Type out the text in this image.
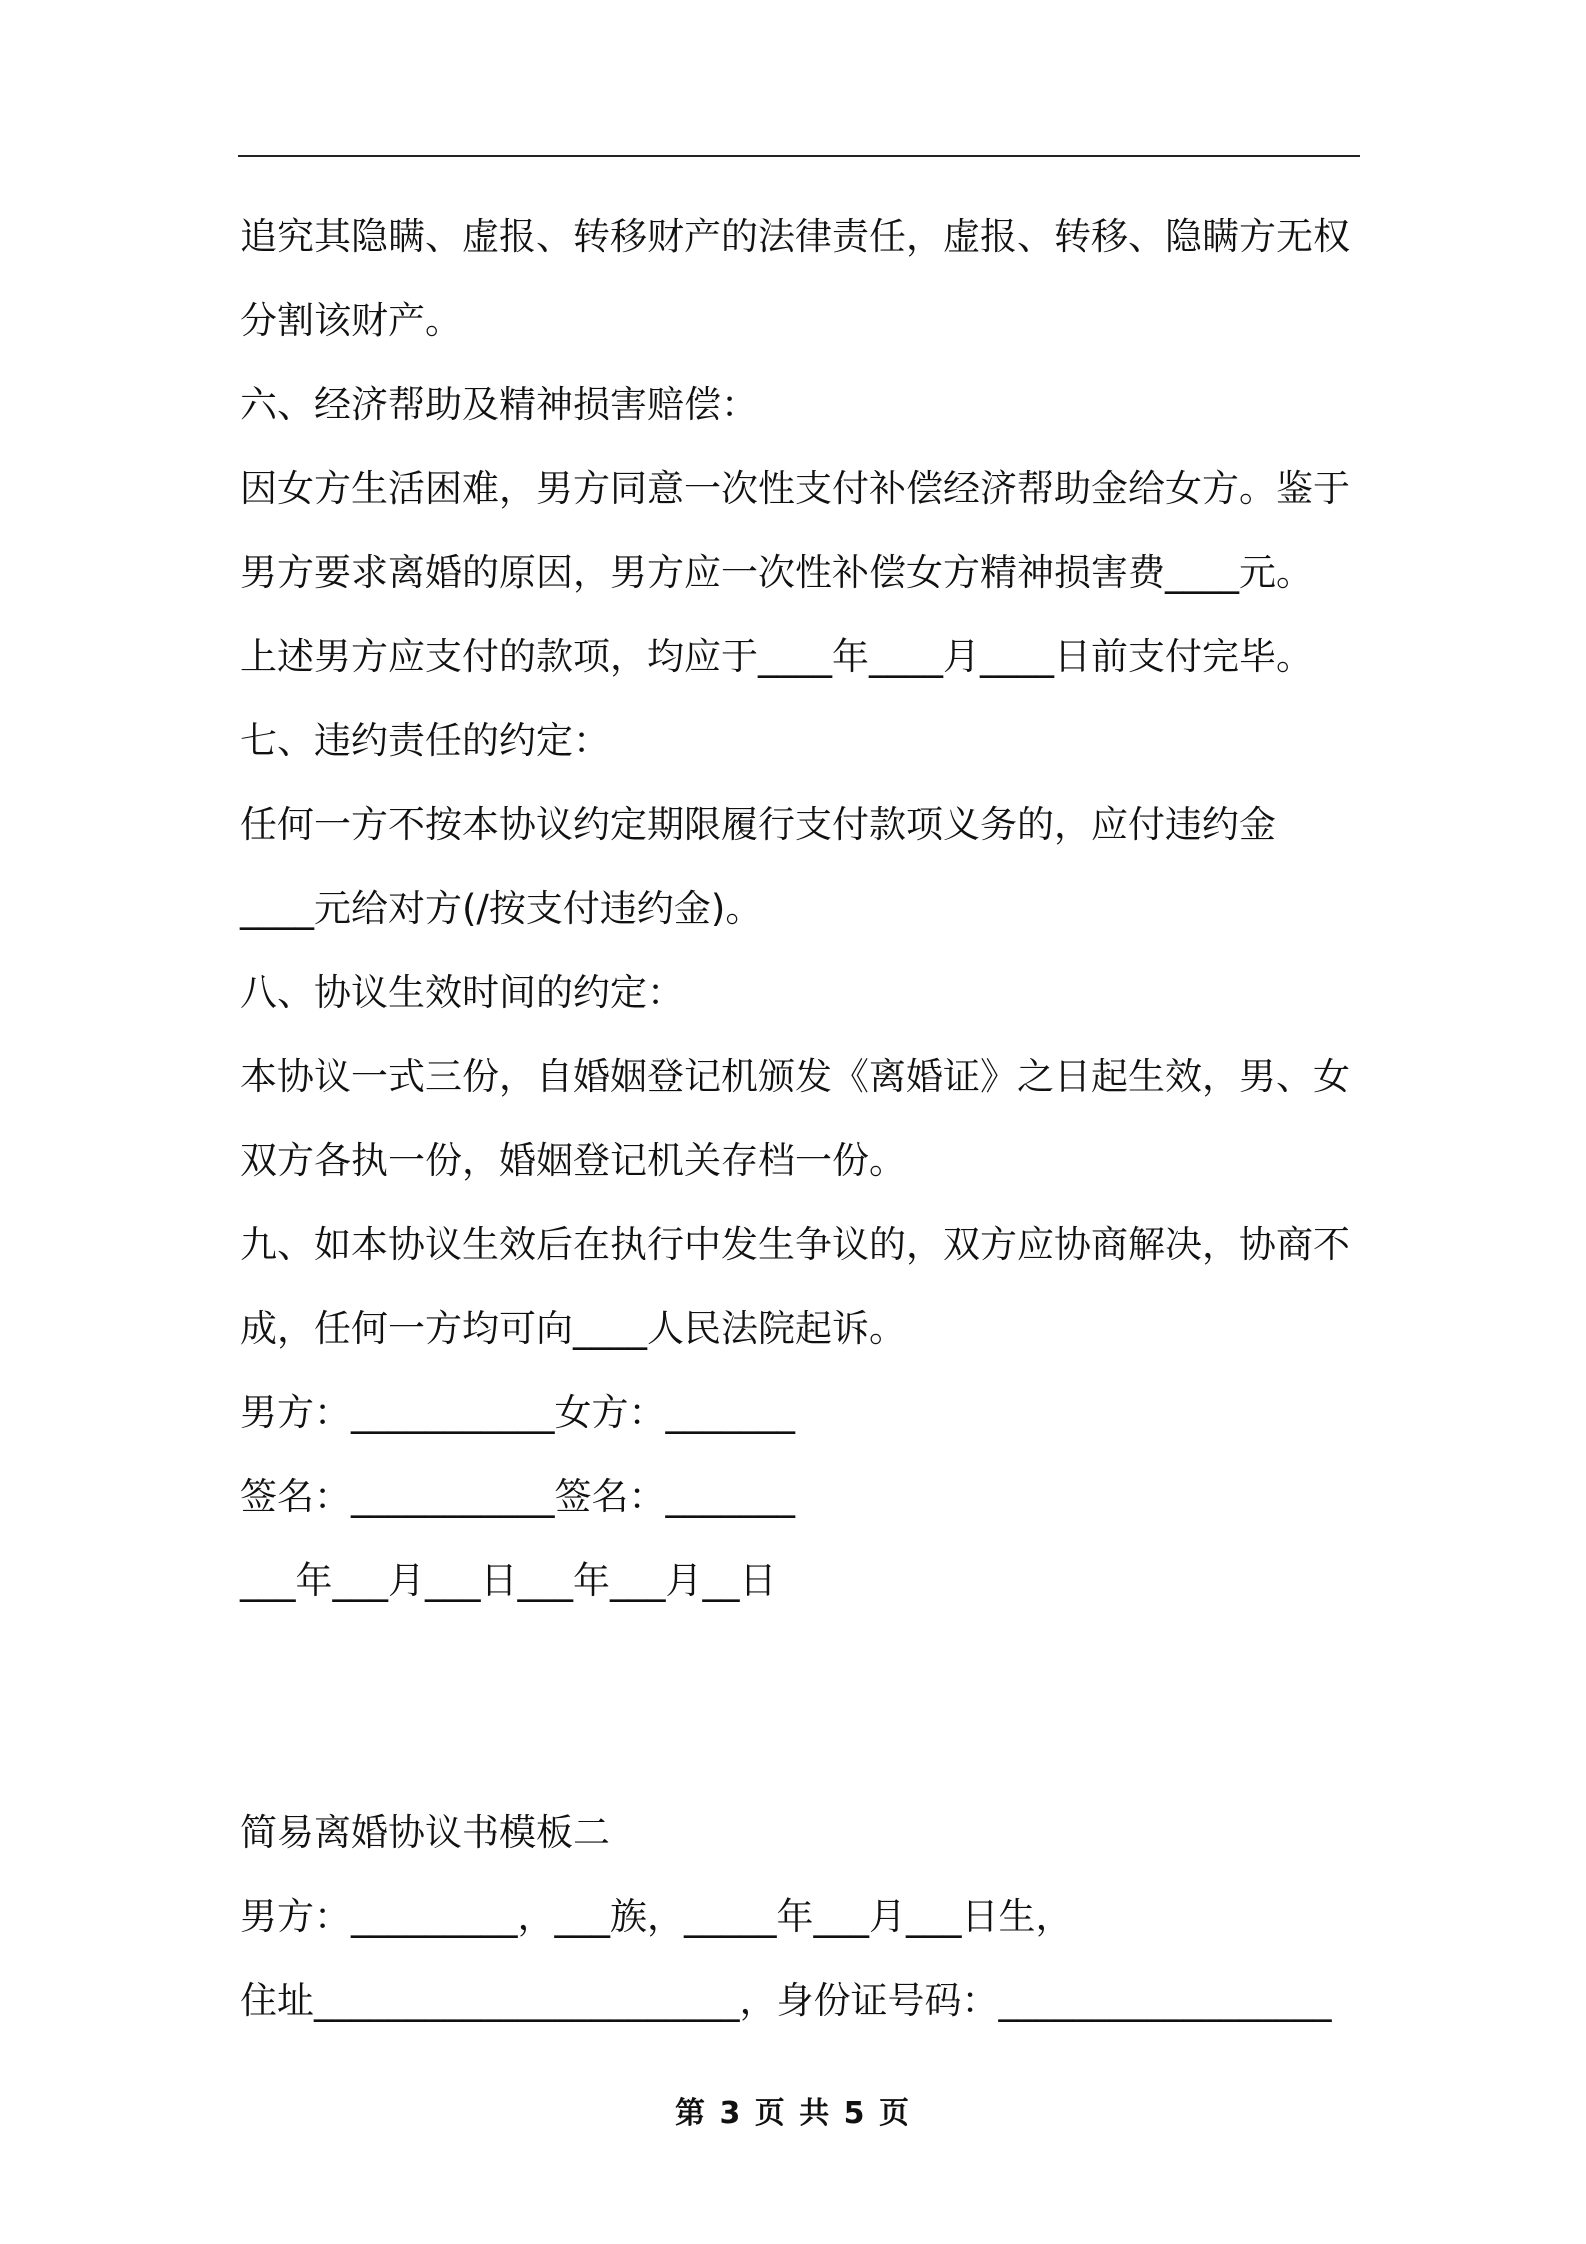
追究其隐瞒、虚报、转移财产的法律责任，虚报、转移、隐瞒方无权
分割该财产。
六、经济帮助及精神损害赔偿：
因女方生活困难，男方同意一次性支付补偿经济帮助金给女方。鉴于
男方要求离婚的原因，男方应一次性补偿女方精神损害费____元。
上述男方应支付的款项，均应于____年____月____日前支付完毕。
七、违约责任的约定：
任何一方不按本协议约定期限履行支付款项义务的，应付违约金
____元给对方(/按支付违约金)。
八、协议生效时间的约定：
本协议一式三份，自婚姻登记机颁发《离婚证》之日起生效，男、女
双方各执一份，婚姻登记机关存档一份。
九、如本协议生效后在执行中发生争议的，双方应协商解决，协商不
成，任何一方均可向____人民法院起诉。
男方：___________女方：_______
签名：___________签名：_______
___年___月___日___年___月__日
简易离婚协议书模板二
男方：_________，___族，_____年___月___日生，
住址_______________________，身份证号码：__________________
第 3 页 共 5 页
